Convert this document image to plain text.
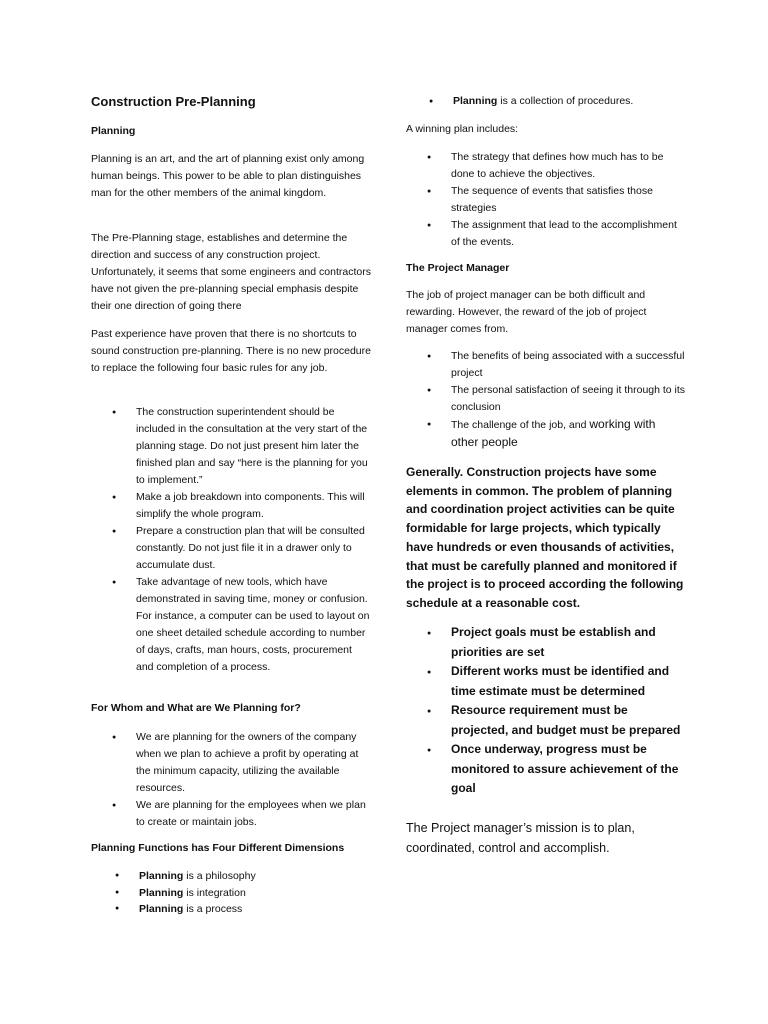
Construction Pre-Planning
Planning

Planning is an art, and the art of planning exist only among human beings. This power to be able to plan distinguishes man for the other members of the animal kingdom.

The Pre-Planning stage, establishes and determine the direction and success of any construction project. Unfortunately, it seems that some engineers and contractors have not given the pre-planning special emphasis despite their one direction of going there

Past experience have proven that there is no shortcuts to sound construction pre-planning. There is no new procedure to replace the following four basic rules for any job.

● The construction superintendent should be included in the consultation at the very start of the planning stage. Do not just present him later the finished plan and say “here is the planning for you to implement.”
● Make a job breakdown into components. This will simplify the whole program.
● Prepare a construction plan that will be consulted constantly. Do not just file it in a drawer only to accumulate dust.
● Take advantage of new tools, which have demonstrated in saving time, money or confusion. For instance, a computer can be used to layout on one sheet detailed schedule according to number of days, crafts, man hours, costs, procurement and completion of a process.
For Whom and What are We Planning for?
● We are planning for the owners of the company when we plan to achieve a profit by operating at the minimum capacity, utilizing the available resources.
● We are planning for the employees when we plan to create or maintain jobs.
Planning Functions has Four Different Dimensions
● Planning is a philosophy
● Planning is integration
● Planning is a process
● Planning is a collection of procedures.

A winning plan includes:

● The strategy that defines how much has to be done to achieve the objectives.
● The sequence of events that satisfies those strategies
● The assignment that lead to the accomplishment of the events.
The Project Manager

The job of project manager can be both difficult and rewarding. However, the reward of the job of project manager comes from.

● The benefits of being associated with a successful project
● The personal satisfaction of seeing it through to its conclusion
● The challenge of the job, and working with other people

Generally. Construction projects have some elements in common. The problem of planning and coordination project activities can be quite formidable for large projects, which typically have hundreds or even thousands of activities, that must be carefully planned and monitored if the project is to proceed according the following schedule at a reasonable cost.

● Project goals must be establish and priorities are set
● Different works must be identified and time estimate must be determined
● Resource requirement must be projected, and budget must be prepared
● Once underway, progress must be monitored to assure achievement of the goal

The Project manager’s mission is to plan, coordinated, control and accomplish.
